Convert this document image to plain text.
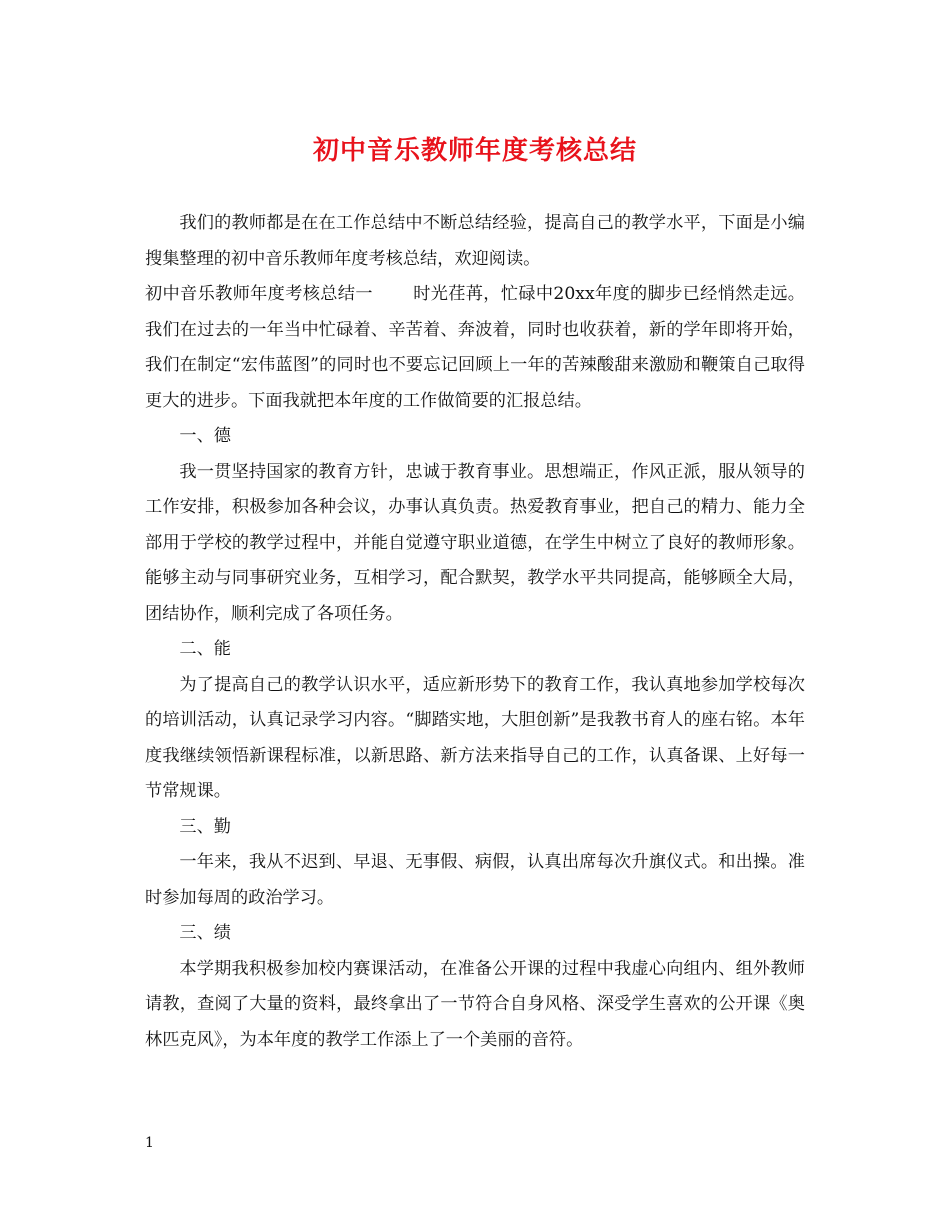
初中音乐教师年度考核总结

我们的教师都是在在工作总结中不断总结经验，提高自己的教学水平，下面是小编搜集整理的初中音乐教师年度考核总结，欢迎阅读。

初中音乐教师年度考核总结一 时光荏苒，忙碌中20xx年度的脚步已经悄然走远。我们在过去的一年当中忙碌着、辛苦着、奔波着，同时也收获着，新的学年即将开始，我们在制定“宏伟蓝图”的同时也不要忘记回顾上一年的苦辣酸甜来激励和鞭策自己取得更大的进步。下面我就把本年度的工作做简要的汇报总结。

一、德

我一贯坚持国家的教育方针，忠诚于教育事业。思想端正，作风正派，服从领导的工作安排，积极参加各种会议，办事认真负责。热爱教育事业，把自己的精力、能力全部用于学校的教学过程中，并能自觉遵守职业道德，在学生中树立了良好的教师形象。能够主动与同事研究业务，互相学习，配合默契，教学水平共同提高，能够顾全大局，团结协作，顺利完成了各项任务。

二、能

为了提高自己的教学认识水平，适应新形势下的教育工作，我认真地参加学校每次的培训活动，认真记录学习内容。“脚踏实地，大胆创新”是我教书育人的座右铭。本年度我继续领悟新课程标准，以新思路、新方法来指导自己的工作，认真备课、上好每一节常规课。

三、勤

一年来，我从不迟到、早退、无事假、病假，认真出席每次升旗仪式。和出操。准时参加每周的政治学习。

三、绩

本学期我积极参加校内赛课活动，在准备公开课的过程中我虚心向组内、组外教师请教，查阅了大量的资料，最终拿出了一节符合自身风格、深受学生喜欢的公开课《奥林匹克风》，为本年度的教学工作添上了一个美丽的音符。

1
